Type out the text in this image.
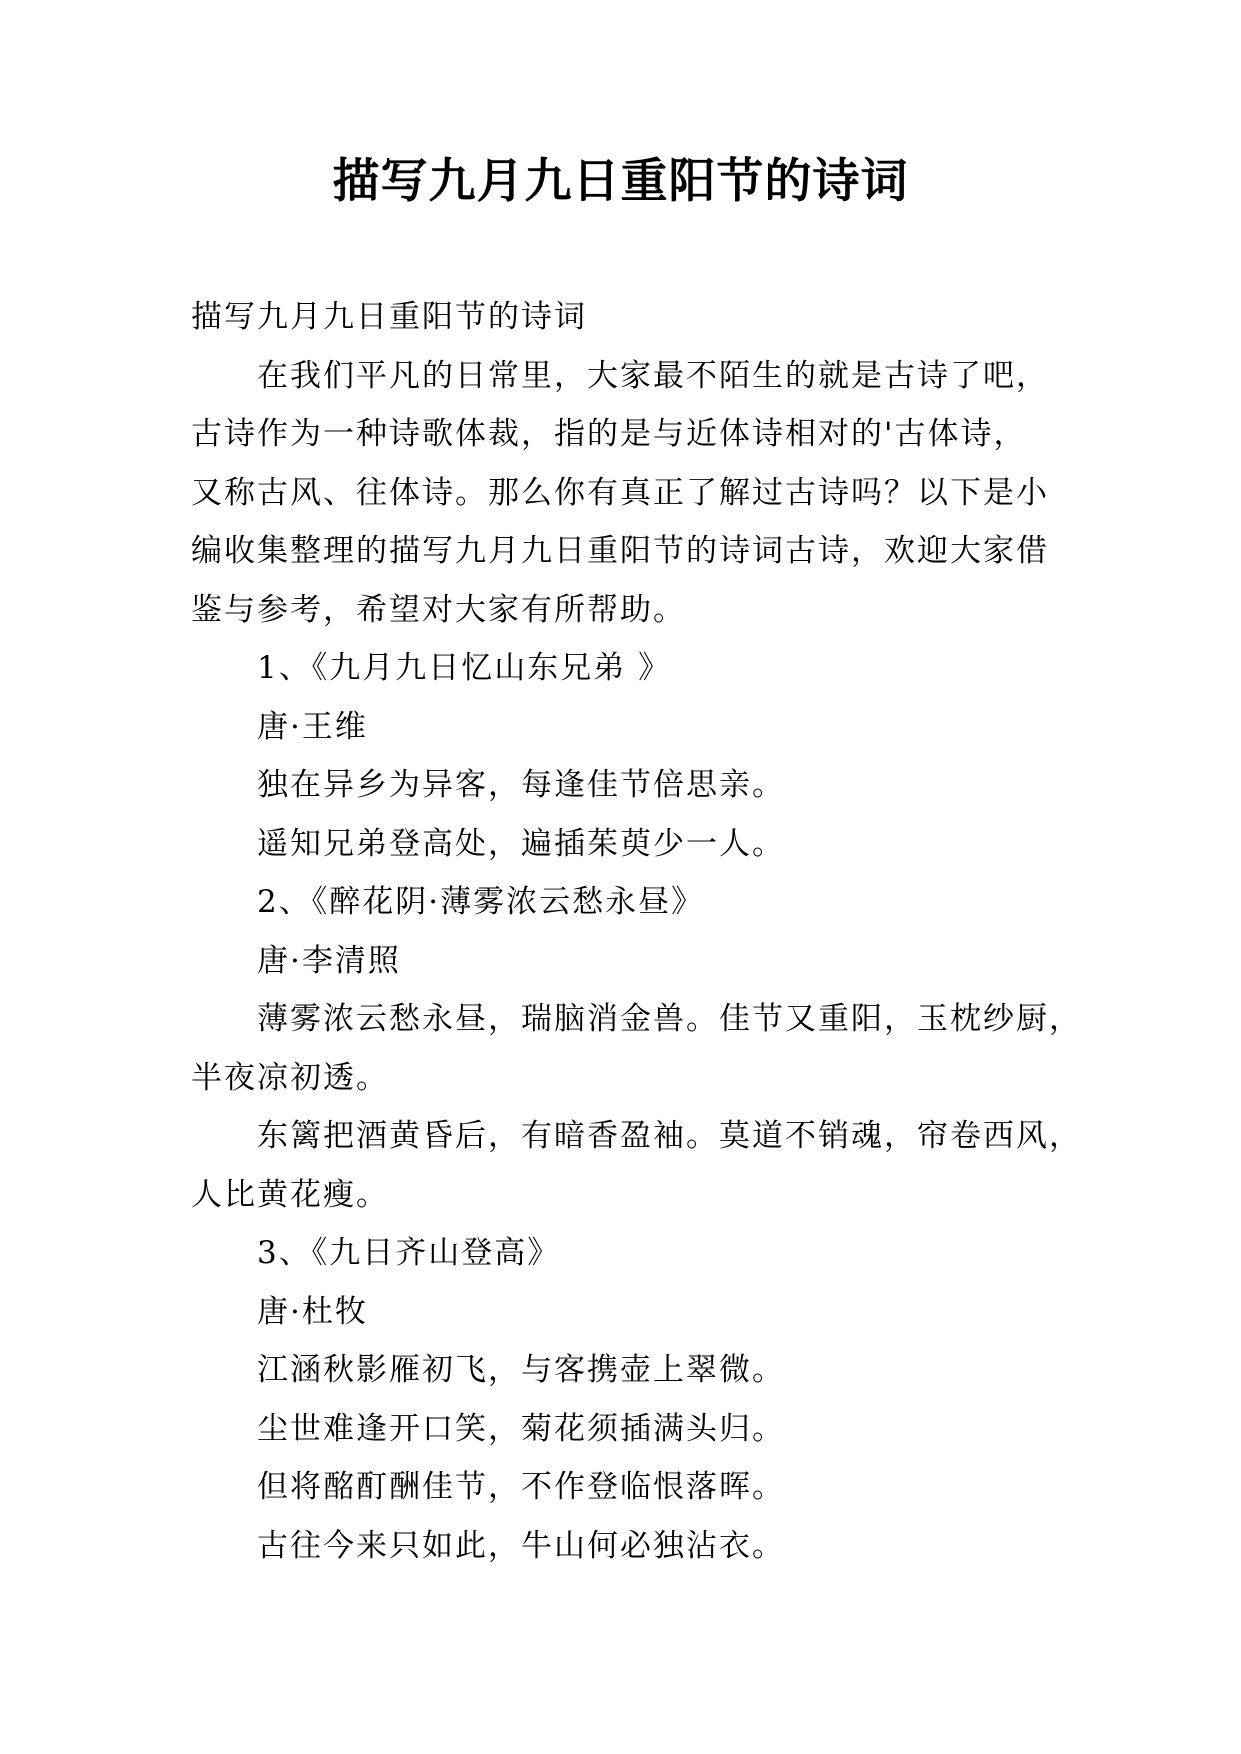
描写九月九日重阳节的诗词

描写九月九日重阳节的诗词

在我们平凡的日常里，大家最不陌生的就是古诗了吧，

古诗作为一种诗歌体裁，指的是与近体诗相对的'古体诗，

又称古风、往体诗。那么你有真正了解过古诗吗？以下是小

编收集整理的描写九月九日重阳节的诗词古诗，欢迎大家借

鉴与参考，希望对大家有所帮助。

1、《九月九日忆山东兄弟 》

唐·王维

独在异乡为异客，每逢佳节倍思亲。

遥知兄弟登高处，遍插茱萸少一人。

2、《醉花阴·薄雾浓云愁永昼》

唐·李清照

薄雾浓云愁永昼，瑞脑消金兽。佳节又重阳，玉枕纱厨，

半夜凉初透。

东篱把酒黄昏后，有暗香盈袖。莫道不销魂，帘卷西风，

人比黄花瘦。

3、《九日齐山登高》

唐·杜牧

江涵秋影雁初飞，与客携壶上翠微。

尘世难逢开口笑，菊花须插满头归。

但将酩酊酬佳节，不作登临恨落晖。

古往今来只如此，牛山何必独沾衣。
